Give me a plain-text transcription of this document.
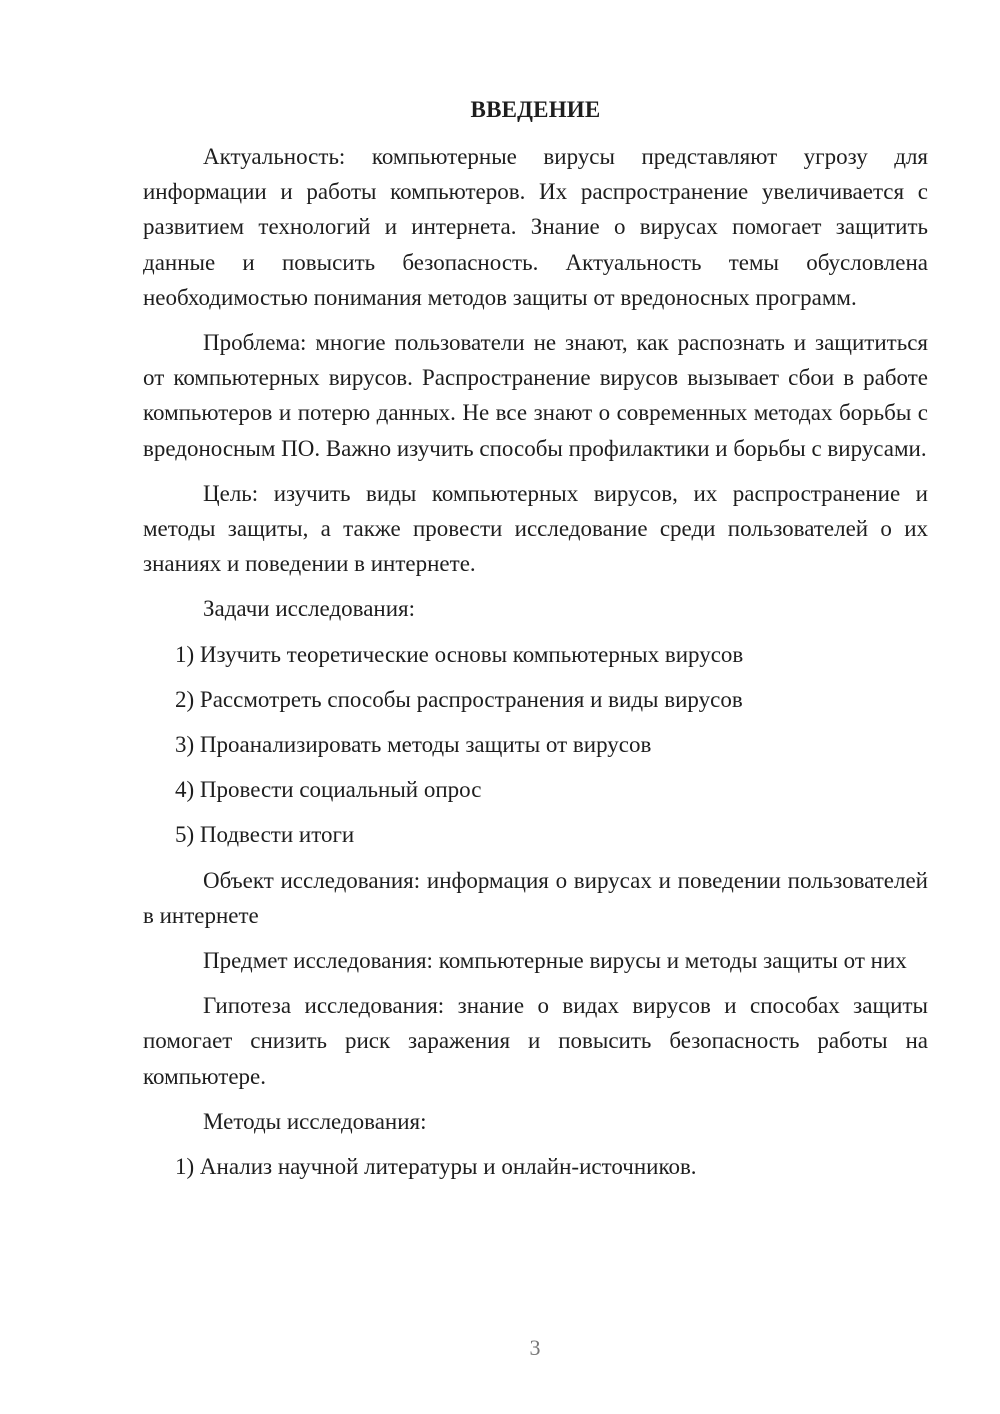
ВВЕДЕНИЕ

Актуальность: компьютерные вирусы представляют угрозу для информации и работы компьютеров. Их распространение увеличивается с развитием технологий и интернета. Знание о вирусах помогает защитить данные и повысить безопасность. Актуальность темы обусловлена необходимостью понимания методов защиты от вредоносных программ.

Проблема: многие пользователи не знают, как распознать и защититься от компьютерных вирусов. Распространение вирусов вызывает сбои в работе компьютеров и потерю данных. Не все знают о современных методах борьбы с вредоносным ПО. Важно изучить способы профилактики и борьбы с вирусами.

Цель: изучить виды компьютерных вирусов, их распространение и методы защиты, а также провести исследование среди пользователей о их знаниях и поведении в интернете.

Задачи исследования:

1) Изучить теоретические основы компьютерных вирусов
2) Рассмотреть способы распространения и виды вирусов
3) Проанализировать методы защиты от вирусов
4) Провести социальный опрос
5) Подвести итоги

Объект исследования: информация о вирусах и поведении пользователей в интернете

Предмет исследования: компьютерные вирусы и методы защиты от них

Гипотеза исследования: знание о видах вирусов и способах защиты помогает снизить риск заражения и повысить безопасность работы на компьютере.

Методы исследования:

1) Анализ научной литературы и онлайн-источников.
3
